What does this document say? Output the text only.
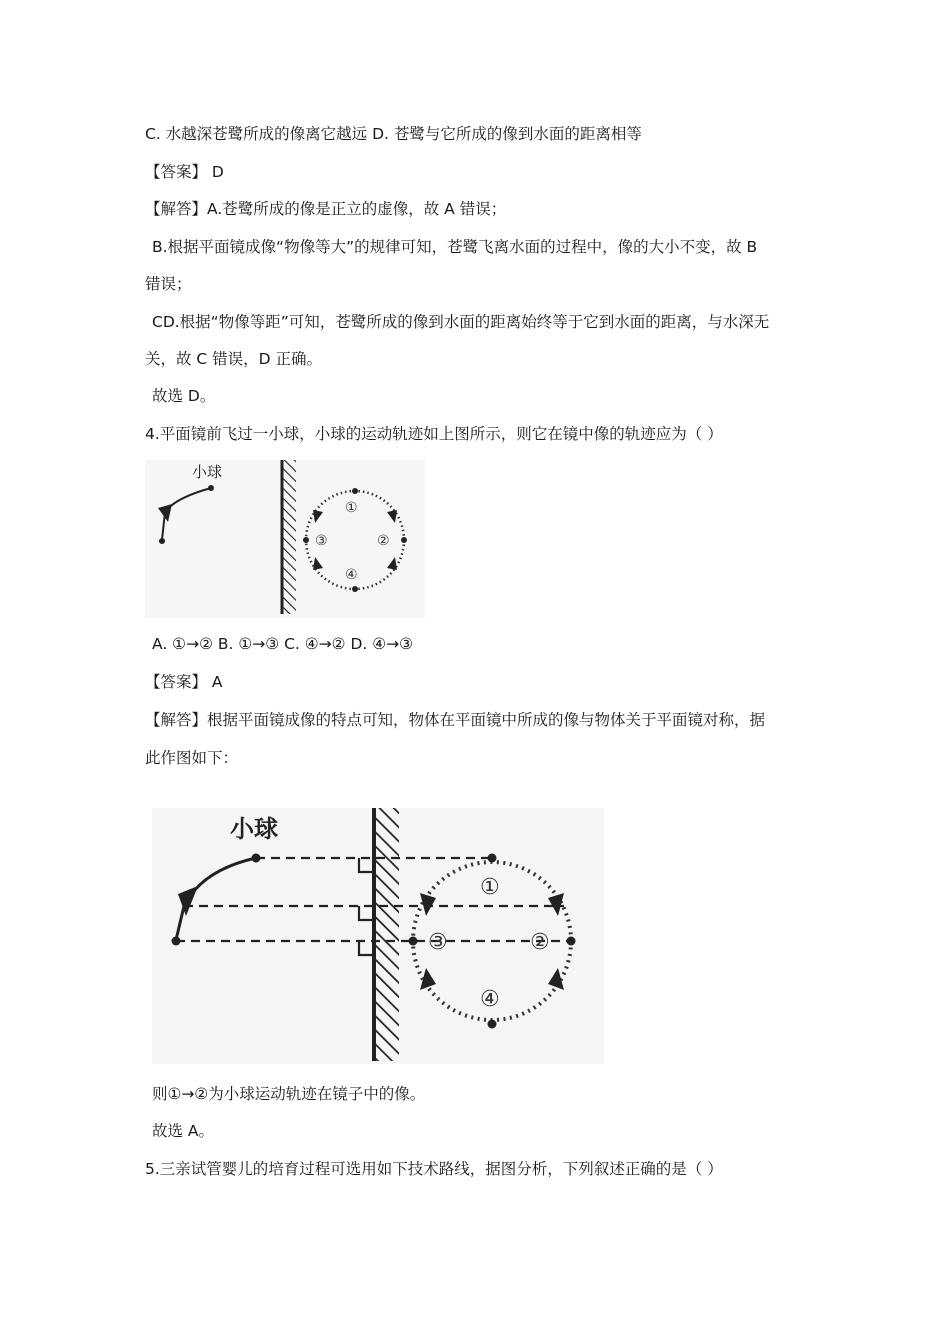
C. 水越深苍鹭所成的像离它越远 D. 苍鹭与它所成的像到水面的距离相等
【答案】 D
【解答】A.苍鹭所成的像是正立的虚像，故 A 错误；
B.根据平面镜成像“物像等大”的规律可知，苍鹭飞离水面的过程中，像的大小不变，故 B
错误；
CD.根据“物像等距”可知，苍鹭所成的像到水面的距离始终等于它到水面的距离，与水深无
关，故 C 错误，D 正确。
故选 D。
4.平面镜前飞过一小球，小球的运动轨迹如上图所示，则它在镜中像的轨迹应为（ ）
小球
①
②
③
④
A. ①→② B. ①→③ C. ④→② D. ④→③
【答案】 A
【解答】根据平面镜成像的特点可知，物体在平面镜中所成的像与物体关于平面镜对称，据
此作图如下：
小球
①
②
③
④
则①→②为小球运动轨迹在镜子中的像。
故选 A。
5.三亲试管婴儿的培育过程可选用如下技术路线，据图分析，下列叙述正确的是（ ）
